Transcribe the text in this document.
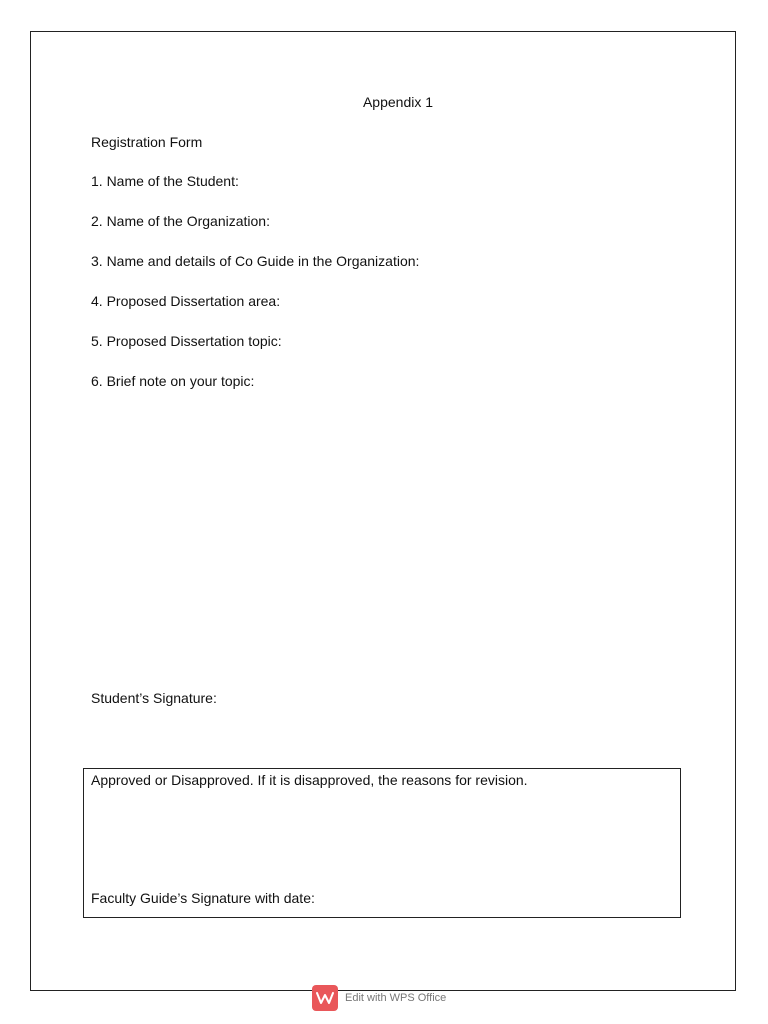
Appendix 1
Registration Form
1. Name of the Student:
2. Name of the Organization:
3. Name and details of Co Guide in the Organization:
4. Proposed Dissertation area:
5. Proposed Dissertation topic:
6. Brief note on your topic:
Student’s Signature:
Approved or Disapproved. If it is disapproved, the reasons for revision.
Faculty Guide’s Signature with date:
Edit with WPS Office
